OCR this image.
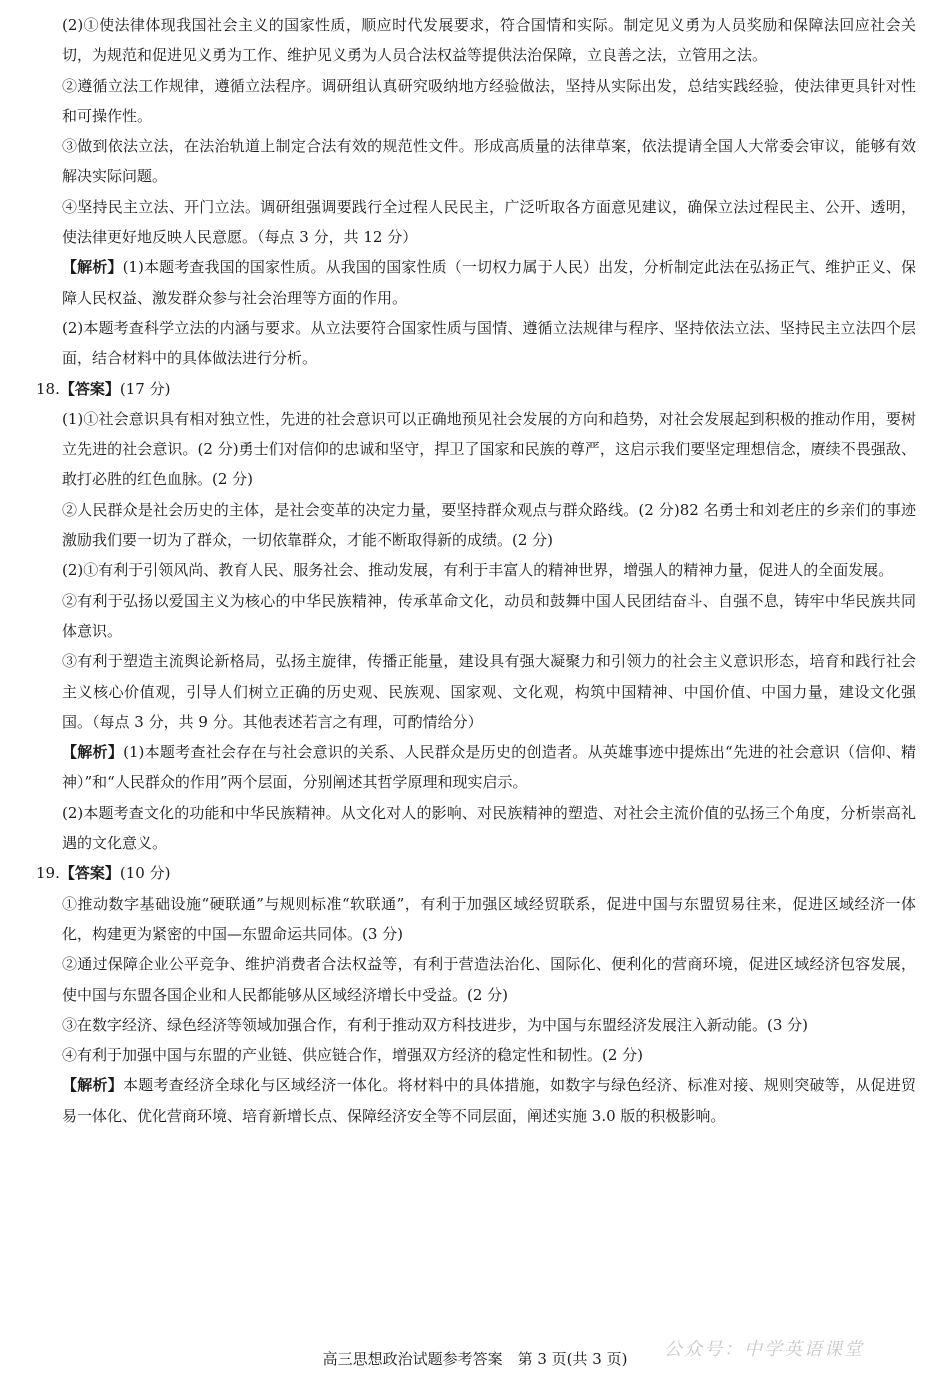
(2)①使法律体现我国社会主义的国家性质，顺应时代发展要求，符合国情和实际。制定见义勇为人员奖励和保障法回应社会关切，为规范和促进见义勇为工作、维护见义勇为人员合法权益等提供法治保障，立良善之法，立管用之法。

②遵循立法工作规律，遵循立法程序。调研组认真研究吸纳地方经验做法，坚持从实际出发，总结实践经验，使法律更具针对性和可操作性。

③做到依法立法，在法治轨道上制定合法有效的规范性文件。形成高质量的法律草案，依法提请全国人大常委会审议，能够有效解决实际问题。

④坚持民主立法、开门立法。调研组强调要践行全过程人民民主，广泛听取各方面意见建议，确保立法过程民主、公开、透明，使法律更好地反映人民意愿。（每点 3 分，共 12 分）

【解析】(1)本题考查我国的国家性质。从我国的国家性质（一切权力属于人民）出发，分析制定此法在弘扬正气、维护正义、保障人民权益、激发群众参与社会治理等方面的作用。

(2)本题考查科学立法的内涵与要求。从立法要符合国家性质与国情、遵循立法规律与程序、坚持依法立法、坚持民主立法四个层面，结合材料中的具体做法进行分析。

18.【答案】(17 分)

(1)①社会意识具有相对独立性，先进的社会意识可以正确地预见社会发展的方向和趋势，对社会发展起到积极的推动作用，要树立先进的社会意识。(2 分)勇士们对信仰的忠诚和坚守，捍卫了国家和民族的尊严，这启示我们要坚定理想信念，赓续不畏强敌、敢打必胜的红色血脉。(2 分)

②人民群众是社会历史的主体，是社会变革的决定力量，要坚持群众观点与群众路线。(2 分)82 名勇士和刘老庄的乡亲们的事迹激励我们要一切为了群众，一切依靠群众，才能不断取得新的成绩。(2 分)

(2)①有利于引领风尚、教育人民、服务社会、推动发展，有利于丰富人的精神世界，增强人的精神力量，促进人的全面发展。

②有利于弘扬以爱国主义为核心的中华民族精神，传承革命文化，动员和鼓舞中国人民团结奋斗、自强不息，铸牢中华民族共同体意识。

③有利于塑造主流舆论新格局，弘扬主旋律，传播正能量，建设具有强大凝聚力和引领力的社会主义意识形态，培育和践行社会主义核心价值观，引导人们树立正确的历史观、民族观、国家观、文化观，构筑中国精神、中国价值、中国力量，建设文化强国。（每点 3 分，共 9 分。其他表述若言之有理，可酌情给分）

【解析】(1)本题考查社会存在与社会意识的关系、人民群众是历史的创造者。从英雄事迹中提炼出“先进的社会意识（信仰、精神）”和“人民群众的作用”两个层面，分别阐述其哲学原理和现实启示。

(2)本题考查文化的功能和中华民族精神。从文化对人的影响、对民族精神的塑造、对社会主流价值的弘扬三个角度，分析崇高礼遇的文化意义。

19.【答案】(10 分)

①推动数字基础设施“硬联通”与规则标准“软联通”，有利于加强区域经贸联系，促进中国与东盟贸易往来，促进区域经济一体化，构建更为紧密的中国—东盟命运共同体。(3 分)

②通过保障企业公平竞争、维护消费者合法权益等，有利于营造法治化、国际化、便利化的营商环境，促进区域经济包容发展，使中国与东盟各国企业和人民都能够从区域经济增长中受益。(2 分)

③在数字经济、绿色经济等领域加强合作，有利于推动双方科技进步，为中国与东盟经济发展注入新动能。(3 分)

④有利于加强中国与东盟的产业链、供应链合作，增强双方经济的稳定性和韧性。(2 分)

【解析】本题考查经济全球化与区域经济一体化。将材料中的具体措施，如数字与绿色经济、标准对接、规则突破等，从促进贸易一体化、优化营商环境、培育新增长点、保障经济安全等不同层面，阐述实施 3.0 版的积极影响。

高三思想政治试题参考答案　第 3 页(共 3 页)	公众号：中学英语课堂
